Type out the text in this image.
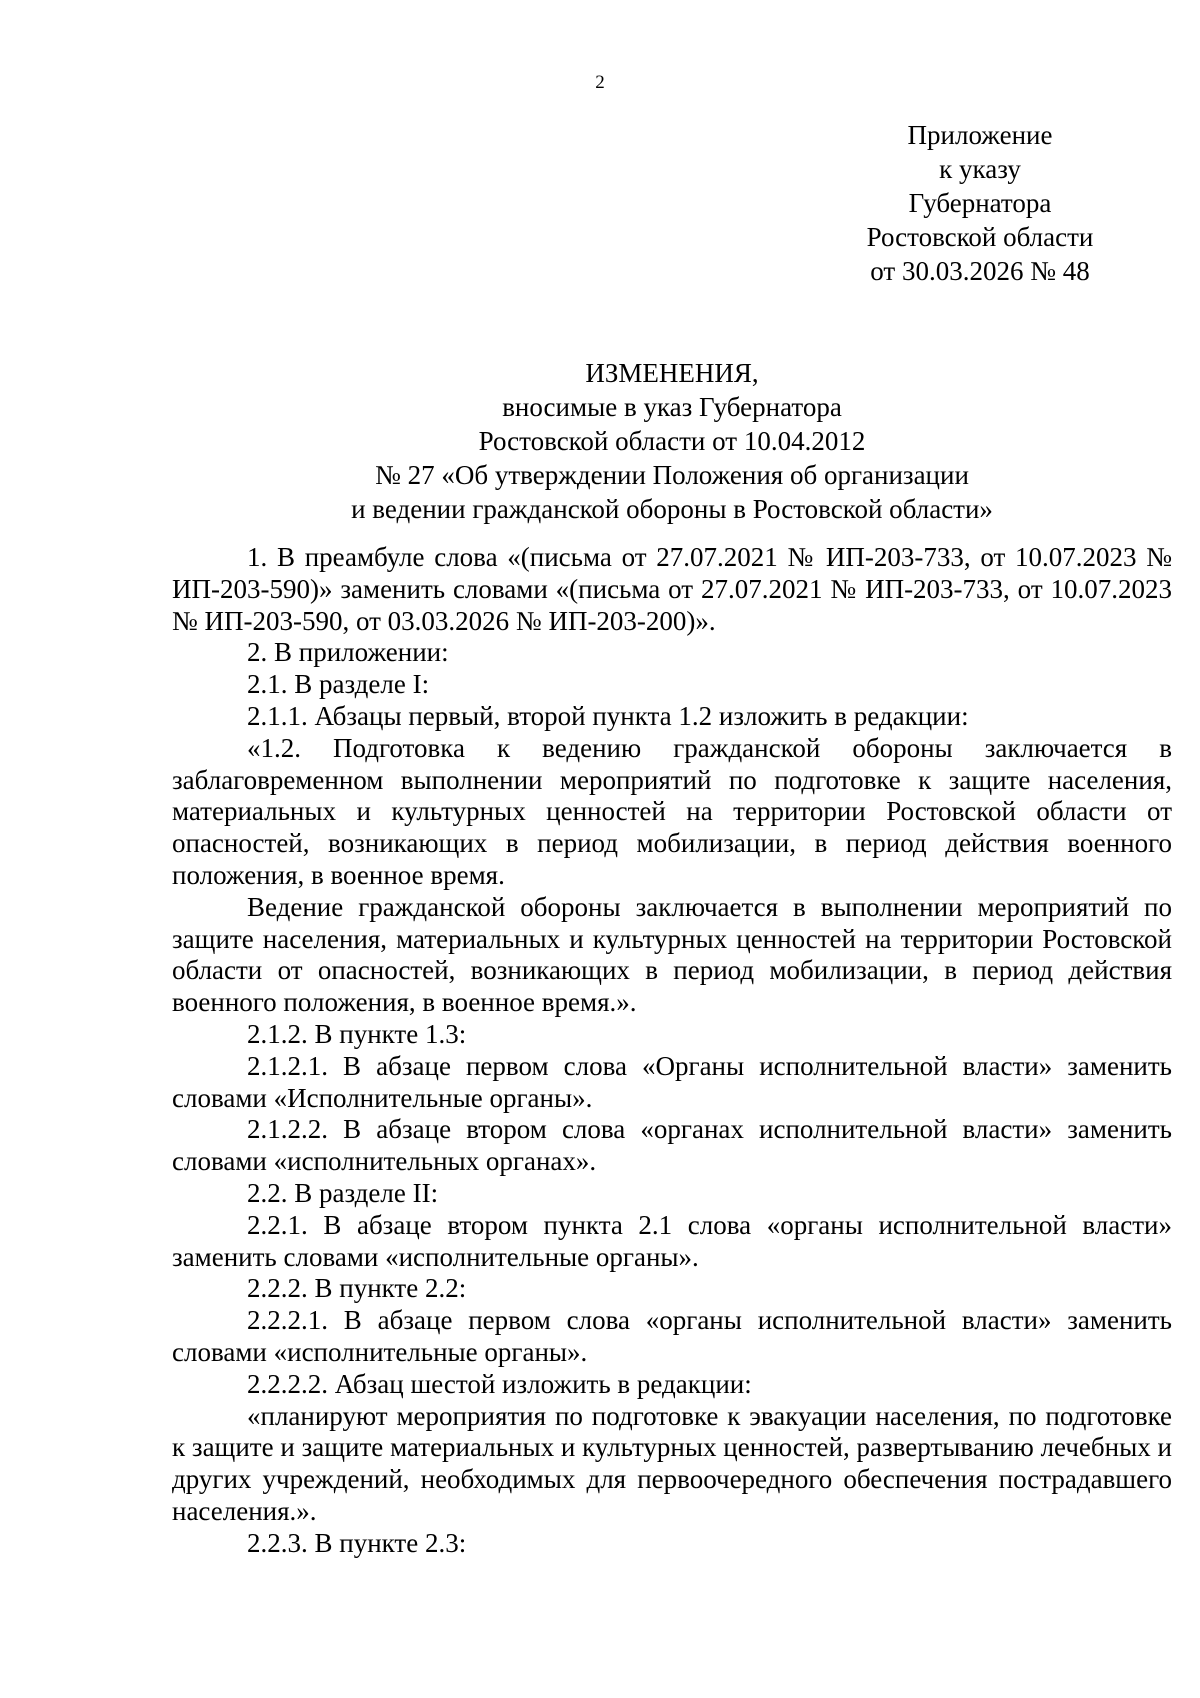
2
Приложение
к указу
Губернатора
Ростовской области
от 30.03.2026 № 48
ИЗМЕНЕНИЯ,
вносимые в указ Губернатора
Ростовской области от 10.04.2012
№ 27 «Об утверждении Положения об организации
и ведении гражданской обороны в Ростовской области»

1. В преамбуле слова «(письма от 27.07.2021 № ИП-203-733, от 10.07.2023 № ИП-203-590)» заменить словами «(письма от 27.07.2021 № ИП-203-733, от 10.07.2023 № ИП-203-590, от 03.03.2026 № ИП-203-200)».

2. В приложении:

2.1. В разделе I:

2.1.1. Абзацы первый, второй пункта 1.2 изложить в редакции:

«1.2. Подготовка к ведению гражданской обороны заключается в заблаговременном выполнении мероприятий по подготовке к защите населения, материальных и культурных ценностей на территории Ростовской области от опасностей, возникающих в период мобилизации, в период действия военного положения, в военное время.

Ведение гражданской обороны заключается в выполнении мероприятий по защите населения, материальных и культурных ценностей на территории Ростовской области от опасностей, возникающих в период мобилизации, в период действия военного положения, в военное время.».

2.1.2. В пункте 1.3:

2.1.2.1. В абзаце первом слова «Органы исполнительной власти» заменить словами «Исполнительные органы».

2.1.2.2. В абзаце втором слова «органах исполнительной власти» заменить словами «исполнительных органах».

2.2. В разделе II:

2.2.1. В абзаце втором пункта 2.1 слова «органы исполнительной власти» заменить словами «исполнительные органы».

2.2.2. В пункте 2.2:

2.2.2.1. В абзаце первом слова «органы исполнительной власти» заменить словами «исполнительные органы».

2.2.2.2. Абзац шестой изложить в редакции:

«планируют мероприятия по подготовке к эвакуации населения, по подготовке к защите и защите материальных и культурных ценностей, развертыванию лечебных и других учреждений, необходимых для первоочередного обеспечения пострадавшего населения.».

2.2.3. В пункте 2.3:
